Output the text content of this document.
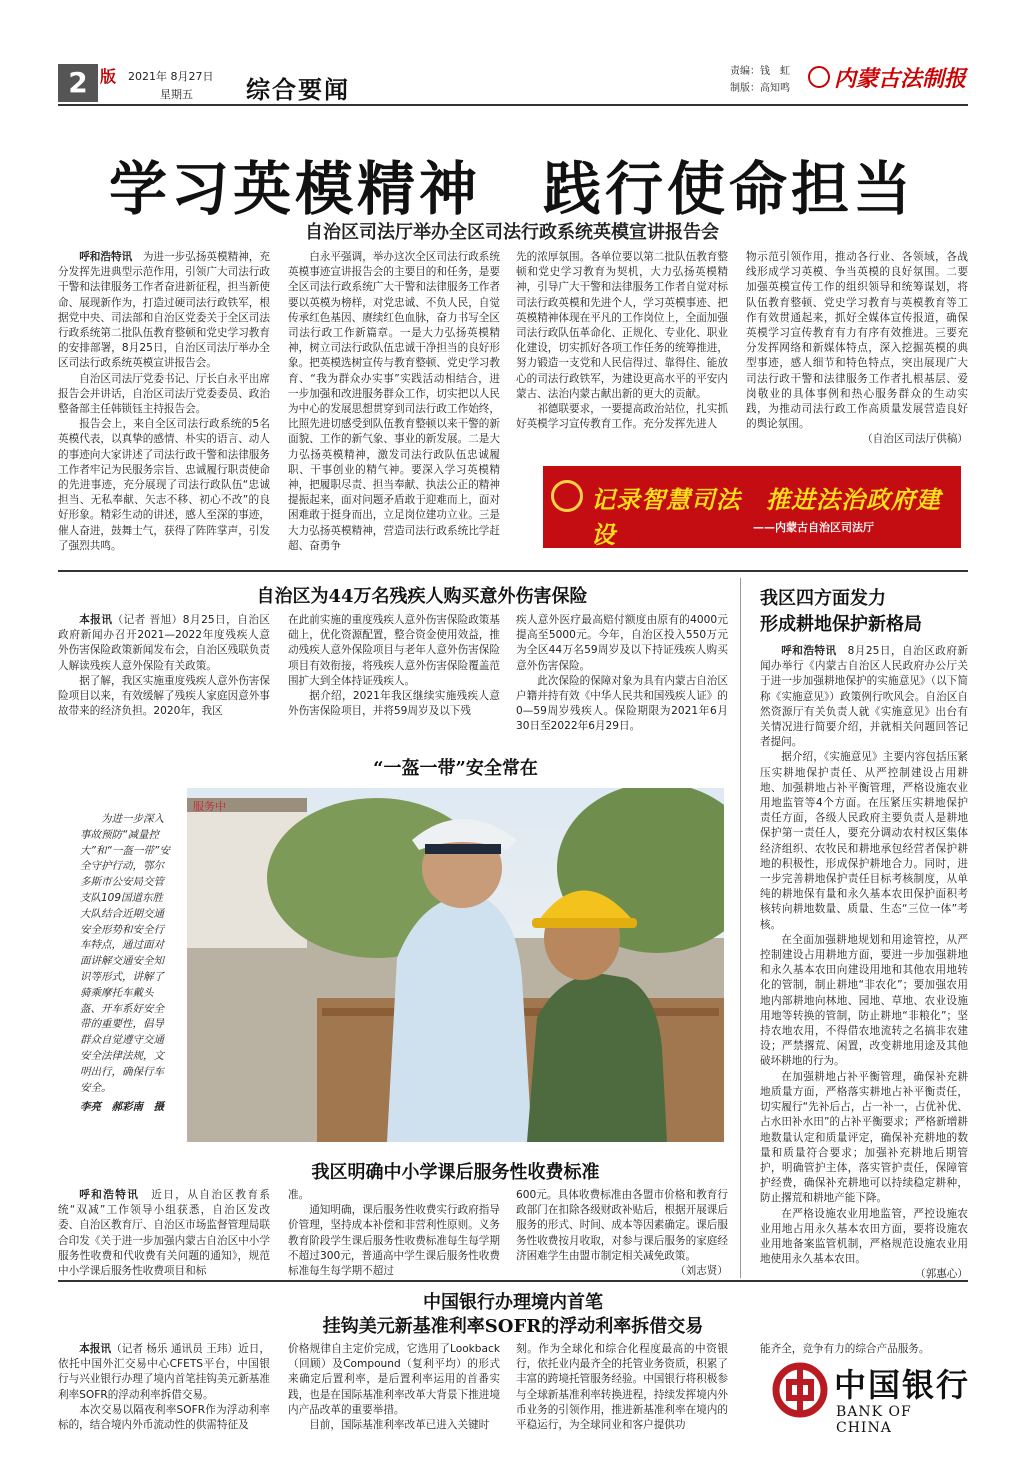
2 版 2021年 8月27日
星期五 综合要闻
责编：钱　虹
制版：高知鸣	内蒙古法制报
学习英模精神　践行使命担当
自治区司法厅举办全区司法行政系统英模宣讲报告会

呼和浩特讯　 为进一步弘扬英模精神，充分发挥先进典型示范作用，引领广大司法行政干警和法律服务工作者奋进新征程，担当新使命、展现新作为，打造过硬司法行政铁军，根据党中央、司法部和自治区党委关于全区司法行政系统第二批队伍教育整顿和党史学习教育的安排部署，8月25日，自治区司法厅举办全区司法行政系统英模宣讲报告会。

自治区司法厅党委书记、厅长白永平出席报告会并讲话，自治区司法厅党委委员、政治整备部主任韩锁钰主持报告会。

报告会上，来自全区司法行政系统的5名英模代表，以真挚的感情、朴实的语言、动人的事迹向大家讲述了司法行政干警和法律服务工作者牢记为民服务宗旨、忠诚履行职责使命的先进事迹，充分展现了司法行政队伍“忠诚担当、无私奉献、矢志不移、初心不改”的良好形象。精彩生动的讲述，感人至深的事迹，催人奋进，鼓舞士气，获得了阵阵掌声，引发了强烈共鸣。

白永平强调，举办这次全区司法行政系统英模事迹宣讲报告会的主要目的和任务，是要全区司法行政系统广大干警和法律服务工作者要以英模为榜样，对党忠诚、不负人民，自觉传承红色基因、赓续红色血脉，奋力书写全区司法行政工作新篇章。一是大力弘扬英模精神，树立司法行政队伍忠诚干净担当的良好形象。把英模选树宣传与教育整顿、党史学习教育、“我为群众办实事”实践活动相结合，进一步加强和改进服务群众工作，切实把以人民为中心的发展思想贯穿到司法行政工作始终，比照先进切感受到队伍教育整顿以来干警的新面貌、工作的新气象、事业的新发展。二是大力弘扬英模精神，激发司法行政队伍忠诚履职、干事创业的精气神。要深入学习英模精神，把履职尽责、担当奉献、执法公正的精神提振起来，面对问题矛盾敢于迎难而上，面对困难敢于挺身而出，立足岗位建功立业。三是大力弘扬英模精神，营造司法行政系统比学赶超、奋勇争

先的浓厚氛围。各单位要以第二批队伍教育整顿和党史学习教育为契机，大力弘扬英模精神，引导广大干警和法律服务工作者自觉对标司法行政英模和先进个人，学习英模事迹、把英模精神体现在平凡的工作岗位上，全面加强司法行政队伍革命化、正规化、专业化、职业化建设，切实抓好各项工作任务的统筹推进，努力锻造一支党和人民信得过、靠得住、能放心的司法行政铁军，为建设更高水平的平安内蒙古、法治内蒙古献出新的更大的贡献。

祁德联要求，一要提高政治站位，扎实抓好英模学习宣传教育工作。充分发挥先进人

物示范引领作用，推动各行业、各领域，各战线形成学习英模、争当英模的良好氛围。二要加强英模宣传工作的组织领导和统筹谋划，将队伍教育整顿、党史学习教育与英模教育等工作有效贯通起来，抓好全媒体宣传报道，确保英模学习宣传教育有力有序有效推进。三要充分发挥网络和新媒体特点，深入挖掘英模的典型事迹，感人细节和特色特点，突出展现广大司法行政干警和法律服务工作者扎根基层、爱岗敬业的具体事例和热心服务群众的生动实践，为推动司法行政工作高质量发展营造良好的舆论氛围。

（自治区司法厅供稿）

记录智慧司法　推进法治政府建设	——内蒙古自治区司法厅
自治区为44万名残疾人购买意外伤害保险

本报讯（记者 晋旭）8月25日，自治区政府新闻办召开2021—2022年度残疾人意外伤害保险政策新闻发布会，自治区残联负责人解读残疾人意外保险有关政策。

据了解，我区实施重度残疾人意外伤害保险项目以来，有效缓解了残疾人家庭因意外事故带来的经济负担。2020年，我区

在此前实施的重度残疾人意外伤害保险政策基础上，优化资源配置，整合资金使用效益，推动残疾人意外保险项目与老年人意外伤害保险项目有效衔接，将残疾人意外伤害保险覆盖范围扩大到全体持证残疾人。

据介绍，2021年我区继续实施残疾人意外伤害保险项目，并将59周岁及以下残

疾人意外医疗最高赔付额度由原有的4000元提高至5000元。今年，自治区投入550万元为全区44万名59周岁及以下持证残疾人购买意外伤害保险。

此次保险的保障对象为具有内蒙古自治区户籍并持有效《中华人民共和国残疾人证》的0—59周岁残疾人。保险期限为2021年6月30日至2022年6月29日。

我区四方面发力
形成耕地保护新格局

呼和浩特讯　 8月25日，自治区政府新闻办举行《内蒙古自治区人民政府办公厅关于进一步加强耕地保护的实施意见》（以下简称《实施意见》）政策例行吹风会。自治区自然资源厅有关负责人就《实施意见》出台有关情况进行简要介绍，并就相关问题回答记者提问。

据介绍，《实施意见》主要内容包括压紧压实耕地保护责任、从严控制建设占用耕地、加强耕地占补平衡管理，严格设施农业用地监管等4个方面。在压紧压实耕地保护责任方面，各级人民政府主要负责人是耕地保护第一责任人，要充分调动农村权区集体经济组织、农牧民和耕地承包经营者保护耕地的积极性，形成保护耕地合力。同时，进一步完善耕地保护责任目标考核制度，从单纯的耕地保有量和永久基本农田保护面积考核转向耕地数量、质量、生态“三位一体”考核。

在全面加强耕地规划和用途管控，从严控制建设占用耕地方面，要进一步加强耕地和永久基本农田向建设用地和其他农用地转化的管制，制止耕地“非农化”；要加强农用地内部耕地向林地、园地、草地、农业设施用地等转换的管制，防止耕地“非粮化”；坚持农地农用，不得借农地流转之名搞非农建设；严禁撂荒、闲置，改变耕地用途及其他破坏耕地的行为。

在加强耕地占补平衡管理，确保补充耕地质量方面，严格落实耕地占补平衡责任，切实履行“先补后占，占一补一，占优补优、占水田补水田”的占补平衡要求；严格新增耕地数量认定和质量评定，确保补充耕地的数量和质量符合要求；加强补充耕地后期管护，明确管护主体，落实管护责任，保障管护经费，确保补充耕地可以持续稳定耕种，防止撂荒和耕地产能下降。

在严格设施农业用地监管，严控设施农业用地占用永久基本农田方面，要将设施农业用地备案监管机制，严格规范设施农业用地使用永久基本农田。

（郭惠心）

“一盔一带”安全常在

为进一步深入事故预防“减量控大”和“一盔一带”安全守护行动，鄂尔多斯市公安局交管支队109国道东胜大队结合近期交通安全形势和安全行车特点，通过面对面讲解交通安全知识等形式，讲解了骑乘摩托车戴头盔、开车系好安全带的重要性，倡导群众自觉遵守交通安全法律法规，文明出行，确保行车安全。

李亮　郝彩南　摄

服务中
我区明确中小学课后服务性收费标准

呼和浩特讯　 近日，从自治区教育系统“双减”工作领导小组获悉，自治区发改委、自治区教育厅、自治区市场监督管理局联合印发《关于进一步加强内蒙古自治区中小学服务性收费和代收费有关问题的通知》，规范中小学课后服务性收费项目和标

准。

通知明确，课后服务性收费实行政府指导价管理，坚持成本补偿和非营利性原则。义务教育阶段学生课后服务性收费标准每生每学期不超过300元，普通高中学生课后服务性收费标准每生每学期不超过

600元。具体收费标准由各盟市价格和教育行政部门在扣除各级财政补贴后，根据开展课后服务的形式、时间、成本等因素确定。课后服务性收费按月收取，对参与课后服务的家庭经济困难学生由盟市制定相关减免政策。

（刘志贤）

中国银行办理境内首笔
挂钩美元新基准利率SOFR的浮动利率拆借交易

本报讯（记者 杨乐 通讯员 王玮）近日，依托中国外汇交易中心CFETS平台，中国银行与兴业银行办理了境内首笔挂钩美元新基准利率SOFR的浮动利率拆借交易。

本次交易以隔夜利率SOFR作为浮动利率标的，结合境内外币流动性的供需特征及

价格规律自主定价完成，它选用了Lookback（回顾）及Compound（复利平均）的形式来确定后置利率，是后置利率运用的首番实践，也是在国际基准利率改革大背景下推进境内产品改革的重要举措。

目前，国际基准利率改革已进入关键时

刻。作为全球化和综合化程度最高的中资银行，依托业内最齐全的托管业务资质，积累了丰富的跨境托管服务经验。中国银行将积极参与全球新基准利率转换进程，持续发挥境内外币业务的引领作用，推进新基准利率在境内的平稳运行，为全球同业和客户提供功

能齐全，竞争有力的综合产品服务。

中国银行
BANK OF CHINA
